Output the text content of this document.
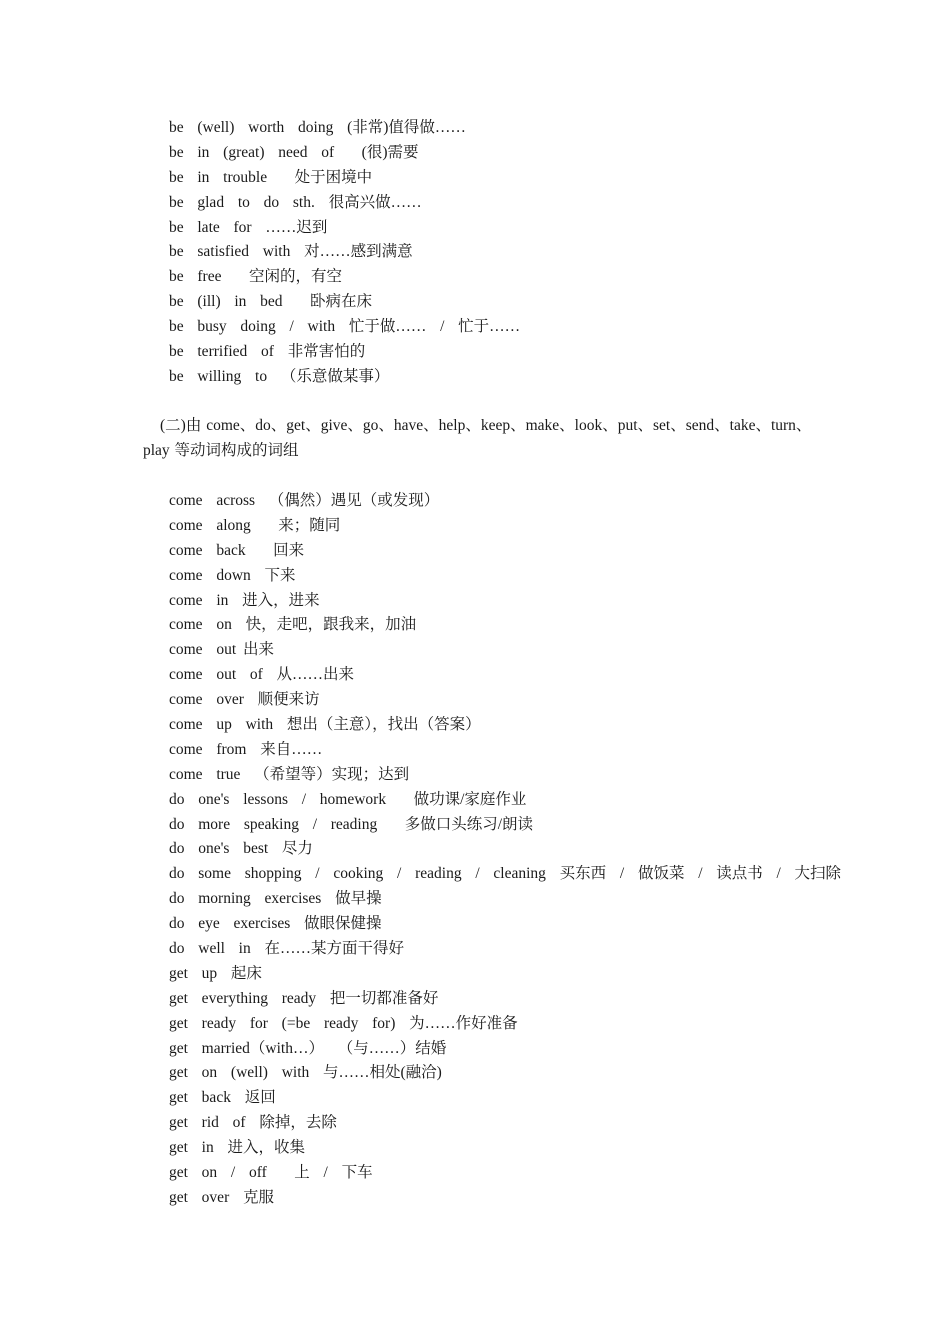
be  (well)  worth  doing  (非常)值得做……
be  in  (great)  need  of    (很)需要
be  in  trouble    处于困境中
be  glad  to  do  sth.  很高兴做……
be  late  for  ……迟到
be  satisfied  with  对……感到满意
be  free    空闲的，有空
be  (ill)  in  bed    卧病在床
be  busy  doing  /  with  忙于做……  /  忙于……
be  terrified  of  非常害怕的
be  willing  to  （乐意做某事）

(二)由 come、do、get、give、go、have、help、keep、make、look、put、set、send、take、turn、play 等动词构成的词组

come  across  （偶然）遇见（或发现）
come  along    来；随同
come  back    回来
come  down  下来
come  in  进入，进来
come  on  快，走吧，跟我来，加油
come  out 出来
come  out  of  从……出来
come  over  顺便来访
come  up  with  想出（主意），找出（答案）
come  from  来自……
come  true  （希望等）实现；达到
do  one's  lessons  /  homework    做功课/家庭作业
do  more  speaking  /  reading    多做口头练习/朗读
do  one's  best  尽力
do  some  shopping  /  cooking  /  reading  /  cleaning  买东西  /  做饭菜  /  读点书  /  大扫除
do  morning  exercises  做早操
do  eye  exercises  做眼保健操
do  well  in  在……某方面干得好
get  up  起床
get  everything  ready  把一切都准备好
get  ready  for  (=be  ready  for)  为……作好准备
get  married（with…）  （与……）结婚
get  on  (well)  with  与……相处(融洽)
get  back  返回
get  rid  of  除掉，去除
get  in  进入，收集
get  on  /  off    上  /  下车
get  over  克服
